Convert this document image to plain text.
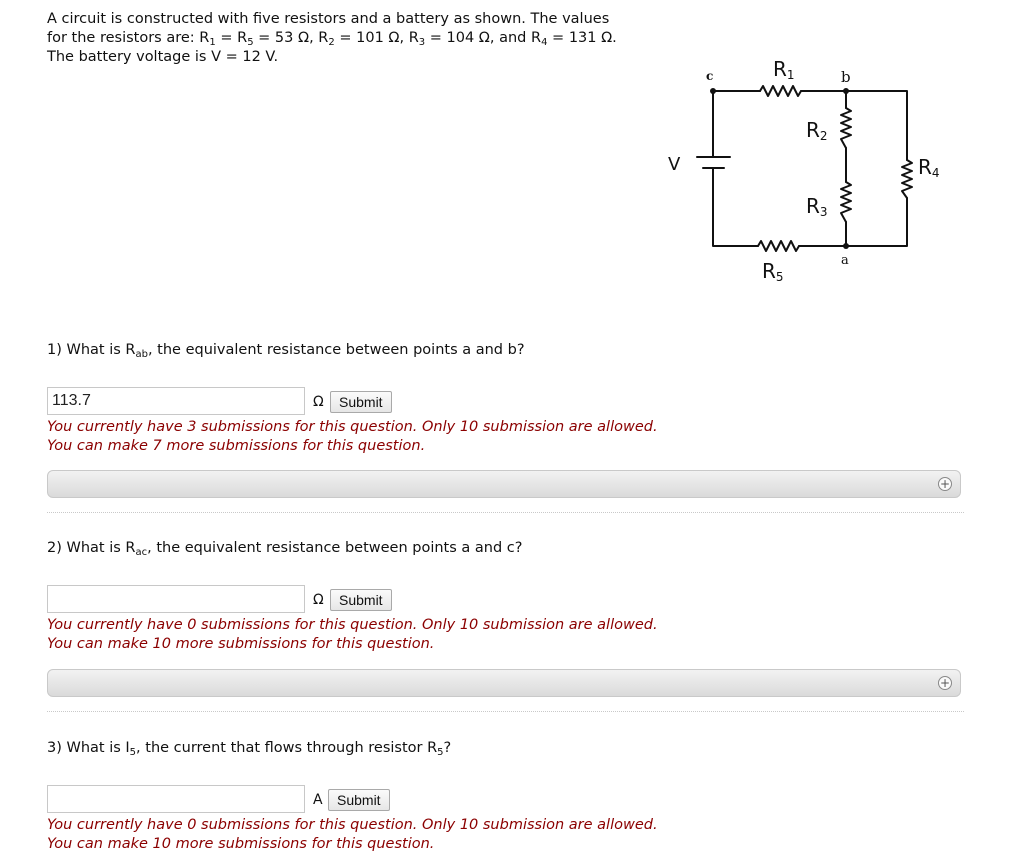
A circuit is constructed with five resistors and a battery as shown. The values

for the resistors are: $R_1 = R_5 = 53$ Ω, $R_2 = 101$ Ω, $R_3 = 104$ Ω, and $R_4 = 131$ Ω.

The battery voltage is V = 12 V.

c	b
a
V
R1
R2
R3
R4
R5
1) What is $R_{ab}$, the equivalent resistance between points a and b?
113.7
Ω	Submit

You currently have 3 submissions for this question. Only 10 submission are allowed.

You can make 7 more submissions for this question.

+
2) What is $R_{ac}$, the equivalent resistance between points a and c?
Ω	Submit

You currently have 0 submissions for this question. Only 10 submission are allowed.

You can make 10 more submissions for this question.

+
3) What is $I_5$, the current that flows through resistor $R_5$?
A	Submit

You currently have 0 submissions for this question. Only 10 submission are allowed.

You can make 10 more submissions for this question.
